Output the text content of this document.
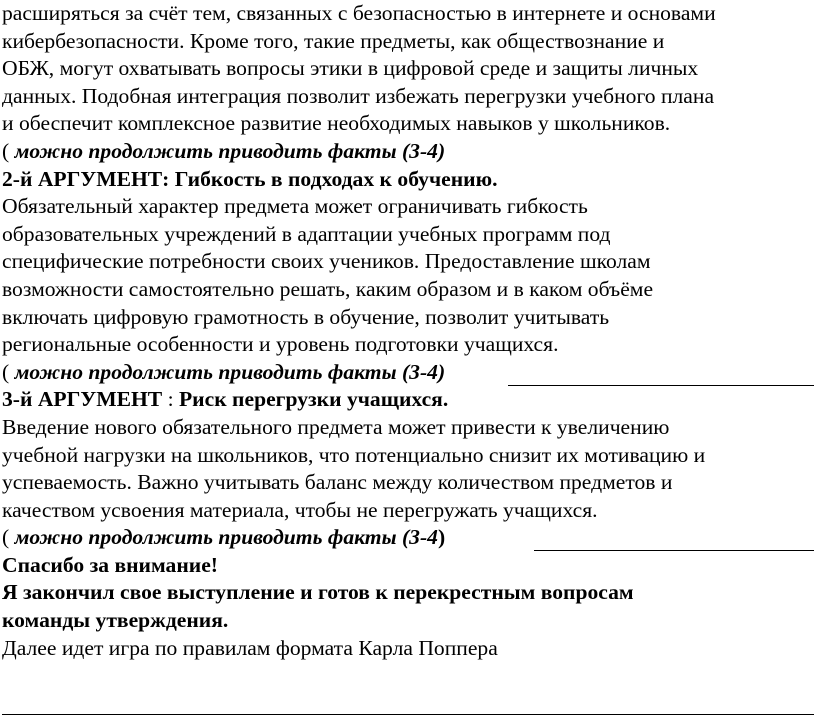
расширяться за счёт тем, связанных с безопасностью в интернете и основами
кибербезопасности. Кроме того, такие предметы, как обществознание и
ОБЖ, могут охватывать вопросы этики в цифровой среде и защиты личных
данных. Подобная интеграция позволит избежать перегрузки учебного плана
и обеспечит комплексное развитие необходимых навыков у школьников.
( можно продолжить приводить факты (3-4)
2-й АРГУМЕНТ: Гибкость в подходах к обучению.
Обязательный характер предмета может ограничивать гибкость
образовательных учреждений в адаптации учебных программ под
специфические потребности своих учеников. Предоставление школам
возможности самостоятельно решать, каким образом и в каком объёме
включать цифровую грамотность в обучение, позволит учитывать
региональные особенности и уровень подготовки учащихся.
( можно продолжить приводить факты (3-4)
3-й АРГУМЕНТ : Риск перегрузки учащихся.
Введение нового обязательного предмета может привести к увеличению
учебной нагрузки на школьников, что потенциально снизит их мотивацию и
успеваемость. Важно учитывать баланс между количеством предметов и
качеством усвоения материала, чтобы не перегружать учащихся.
( можно продолжить приводить факты (3-4)
Спасибо за внимание!
Я закончил свое выступление и готов к перекрестным вопросам
команды утверждения.
Далее идет игра по правилам формата Карла Поппера
